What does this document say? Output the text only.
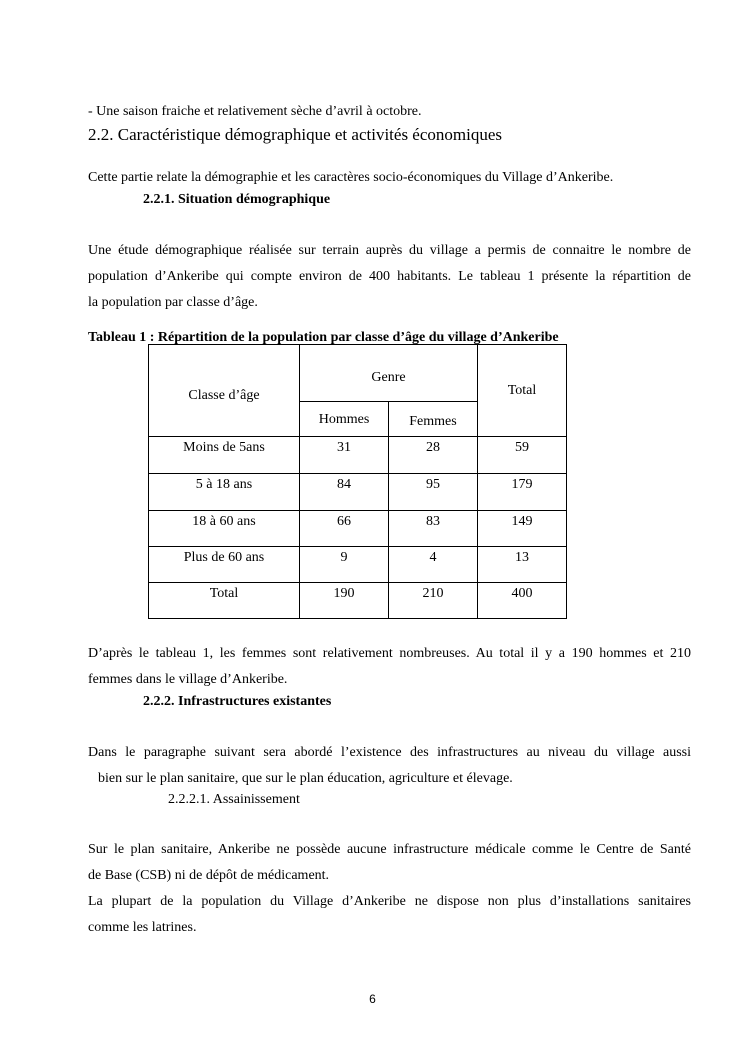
- Une saison fraiche et relativement sèche d’avril à octobre.

2.2. Caractéristique démographique et activités économiques

Cette partie relate la démographie et les caractères socio-économiques du Village d’Ankeribe.

2.2.1. Situation démographique

Une étude démographique réalisée sur terrain auprès du village a permis de connaitre le nombre de

population d’Ankeribe qui compte environ de 400 habitants. Le tableau 1 présente la répartition de

la population par classe d’âge.

Tableau 1 : Répartition de la population par classe d’âge du village d’Ankeribe

Classe d’âge	Genre		Total
	Hommes	Femmes	
Moins de 5ans	31	28	59
5 à 18 ans	84	95	179
18 à 60 ans	66	83	149
Plus de 60 ans	9	4	13
Total	190	210	400

D’après le tableau 1, les femmes sont relativement nombreuses. Au total il y a 190 hommes et 210

femmes dans le village d’Ankeribe.

2.2.2. Infrastructures existantes

Dans le paragraphe suivant sera abordé l’existence des infrastructures au niveau du village aussi

bien sur le plan sanitaire, que sur le plan éducation, agriculture et élevage.

2.2.2.1. Assainissement

Sur le plan sanitaire, Ankeribe ne possède aucune infrastructure médicale comme le Centre de Santé

de Base (CSB) ni de dépôt de médicament.

La plupart de la population du Village d’Ankeribe ne dispose non plus d’installations sanitaires

comme les latrines.

6
